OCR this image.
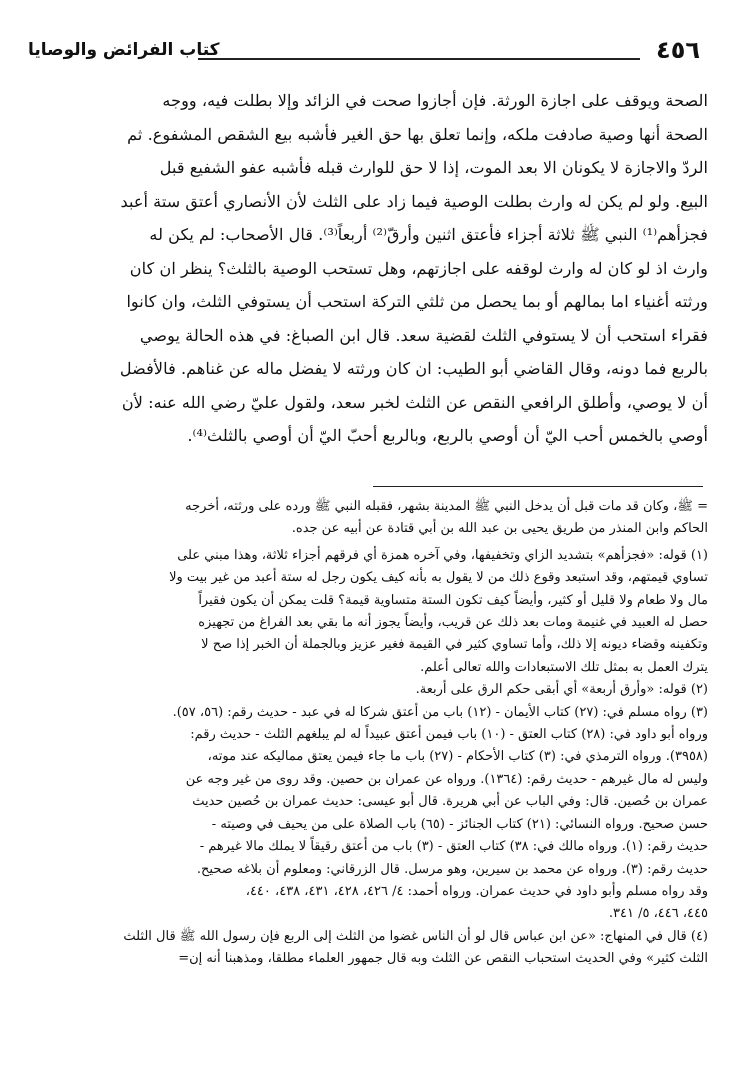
٤٥٦
كتاب الفرائض والوصايا

الصحة ويوقف على اجازة الورثة. فإن أجازوا صحت في الزائد وإلا بطلت فيه، ووجه

الصحة أنها وصية صادفت ملكه، وإنما تعلق بها حق الغير فأشبه بيع الشقص المشفوع. ثم

الردّ والاجازة لا يكونان الا بعد الموت، إذا لا حق للوارث قبله فأشبه عفو الشفيع قبل

البيع. ولو لم يكن له وارث بطلت الوصية فيما زاد على الثلث لأن الأنصاري أعتق ستة أعبد

فجزأهم⁽¹⁾ النبي ﷺ ثلاثة أجزاء فأعتق اثنين وأرقّ⁽²⁾ أربعاً⁽³⁾. قال الأصحاب: لم يكن له

وارث اذ لو كان له وارث لوقفه على اجازتهم، وهل تستحب الوصية بالثلث؟ ينظر ان كان

ورثته أغنياء اما بمالهم أو بما يحصل من ثلثي التركة استحب أن يستوفي الثلث، وان كانوا

فقراء استحب أن لا يستوفي الثلث لقضية سعد. قال ابن الصباغ: في هذه الحالة يوصي

بالربع فما دونه، وقال القاضي أبو الطيب: ان كان ورثته لا يفضل ماله عن غناهم. فالأفضل

أن لا يوصي، وأطلق الرافعي النقص عن الثلث لخبر سعد، ولقول عليّ رضي الله عنه: لأن

أوصي بالخمس أحب اليّ أن أوصي بالربع، وبالربع أحبّ اليّ أن أوصي بالثلث⁽⁴⁾.

= ﷺ، وكان قد مات قبل أن يدخل النبي ﷺ المدينة بشهر، فقبله النبي ﷺ ورده على ورثته، أخرجه
الحاكم وابن المنذر من طريق يحيى بن عبد الله بن أبي قتادة عن أبيه عن جده.
(١) قوله: «فجزأهم» بتشديد الزاي وتخفيفها، وفي آخره همزة أي فرقهم أجزاء ثلاثة، وهذا مبني على
تساوي قيمتهم، وقد استبعد وقوع ذلك من لا يقول به بأنه كيف يكون رجل له ستة أعبد من غير بيت ولا
مال ولا طعام ولا قليل أو كثير، وأيضاً كيف تكون الستة متساوية قيمة؟ قلت يمكن أن يكون فقيراً
حصل له العبيد في غنيمة ومات بعد ذلك عن قريب، وأيضاً يجوز أنه ما بقي بعد الفراغ من تجهيزه
وتكفينه وقضاء ديونه إلا ذلك، وأما تساوي كثير في القيمة فغير عزيز وبالجملة أن الخبر إذا صح لا
يترك العمل به بمثل تلك الاستبعادات والله تعالى أعلم.
(٢) قوله: «وأرق أربعة» أي أبقى حكم الرق على أربعة.
(٣) رواه مسلم في: (٢٧) كتاب الأيمان - (١٢) باب من أعتق شركا له في عبد - حديث رقم: (٥٦، ٥٧).
ورواه أبو داود في: (٢٨) كتاب العتق - (١٠) باب فيمن أعتق عبيداً له لم يبلغهم الثلث - حديث رقم:
(٣٩٥٨). ورواه الترمذي في: (٣) كتاب الأحكام - (٢٧) باب ما جاء فيمن يعتق مماليكه عند موته،
وليس له مال غيرهم - حديث رقم: (١٣٦٤). ورواه عن عمران بن حصين. وقد روى من غير وجه عن
عمران بن حُصين. قال: وفي الباب عن أبي هريرة. قال أبو عيسى: حديث عمران بن حُصين حديث
حسن صحيح. ورواه النسائي: (٢١) كتاب الجنائز - (٦٥) باب الصلاة على من يحيف في وصيته -
حديث رقم: (١). ورواه مالك في: ٣٨) كتاب العتق - (٣) باب من أعتق رقيقاً لا يملك مالا غيرهم -
حديث رقم: (٣). ورواه عن محمد بن سيرين، وهو مرسل. قال الزرقاني: ومعلوم أن بلاغه صحيح.
وقد رواه مسلم وأبو داود في حديث عمران. ورواه أحمد: ٤/ ٤٢٦، ٤٢٨، ٤٣١، ٤٣٨، ٤٤٠،
٤٤٥، ٤٤٦، ٥/ ٣٤١.
(٤) قال في المنهاج: «عن ابن عباس قال لو أن الناس غضوا من الثلث إلى الربع فإن رسول الله ﷺ قال الثلث
الثلث كثير» وفي الحديث استحباب النقص عن الثلث وبه قال جمهور العلماء مطلقا، ومذهبنا أنه إن=
